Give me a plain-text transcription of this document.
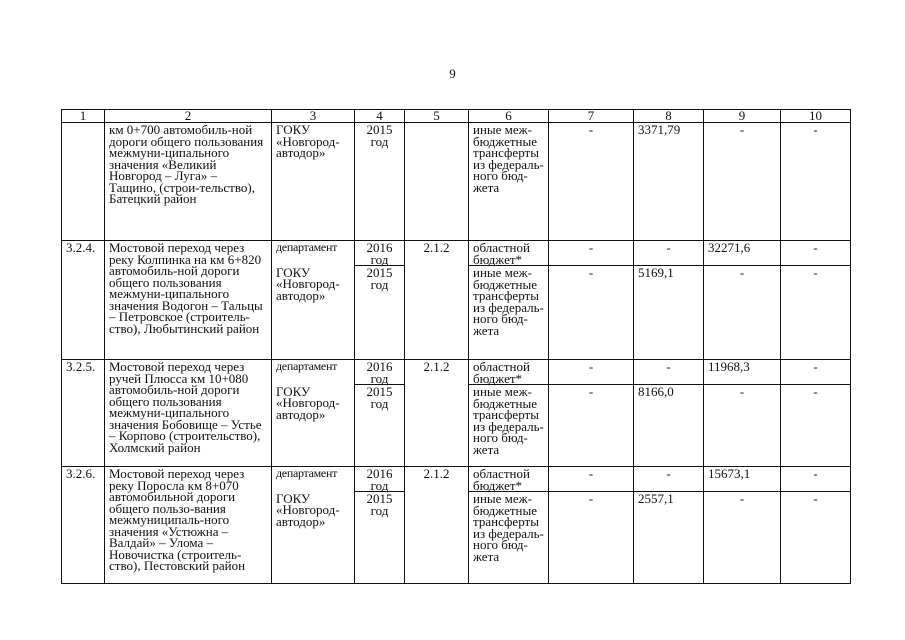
9
1	2	3	4	5	6	7	8	9	10
	км 0+700 автомобиль-ной дороги общего пользования межмуни-ципального значения «Великий Новгород – Луга» – Тащино, (строи-тельство), Батецкий район	ГОКУ «Новгород-автодор»	2015 год		иные меж-бюджетные трансферты из федераль-ного бюд-жета	-	3371,79	-	-
3.2.4.	Мостовой переход через реку Колпинка на км 6+820 автомобиль-ной дороги общего пользования межмуни-ципального значения Водогон – Тальцы – Петровское (строитель-ство), Любытинский район	департамент	2016 год	2.1.2	областной бюджет*	-	-	32271,6	-
		ГОКУ «Новгород-автодор»	2015 год		иные меж-бюджетные трансферты из федераль-ного бюд-жета	-	5169,1	-	-
3.2.5.	Мостовой переход через ручей Плюсса км 10+080 автомобиль-ной дороги общего пользования межмуни-ципального значения Бобовище – Устье – Корпово (строительство), Холмский район	департамент	2016 год	2.1.2	областной бюджет*	-	-	11968,3	-
		ГОКУ «Новгород-автодор»	2015 год		иные меж-бюджетные трансферты из федераль-ного бюд-жета	-	8166,0	-	-
3.2.6.	Мостовой переход через реку Поросла км 8+070 автомобильной дороги общего пользо-вания межмуниципаль-ного значения «Устюжна – Валдай» – Улома – Новочистка (строитель-ство), Пестовский район	департамент	2016 год	2.1.2	областной бюджет*	-	-	15673,1	-
		ГОКУ «Новгород-автодор»	2015 год		иные меж-бюджетные трансферты из федераль-ного бюд-жета	-	2557,1	-	-
